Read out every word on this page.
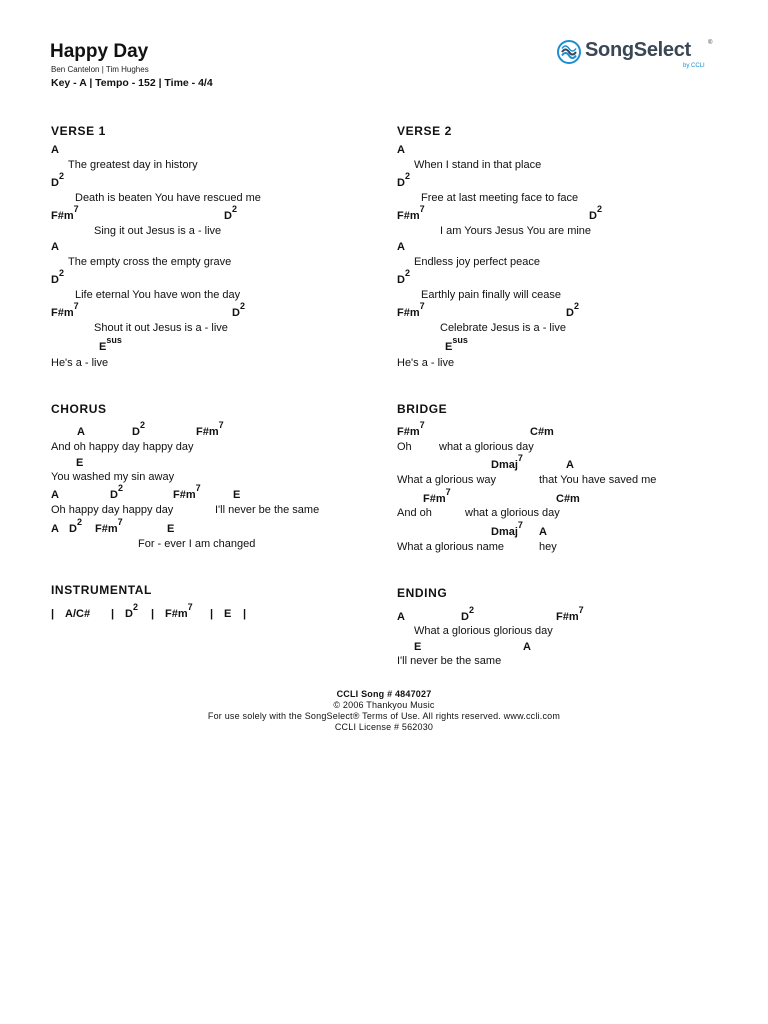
Happy Day
Ben Cantelon | Tim Hughes
Key - A | Tempo - 152 | Time - 4/4
SongSelect	®
by CCLI
VERSE 1
A
The greatest day in history
$D^2$
Death is beaten You have rescued me
$F\#m^7$
$D^2$
Sing it out Jesus is a - live
A
The empty cross the empty grave
$D^2$
Life eternal You have won the day
$F\#m^7$
$D^2$
Shout it out Jesus is a - live
$E^{sus}$
He's a - live
VERSE 2
A
When I stand in that place
$D^2$
Free at last meeting face to face
$F\#m^7$
$D^2$
I am Yours Jesus You are mine
A
Endless joy perfect peace
$D^2$
Earthly pain finally will cease
$F\#m^7$
$D^2$
Celebrate Jesus is a - live
$E^{sus}$
He's a - live
CHORUS
A	$D^2$
$F\#m^7$
And oh happy day happy day
E
You washed my sin away
A	$D^2$
$F\#m^7$
E
Oh happy day happy day	I'll never be the same
A $D^2$
$F\#m^7$
E
For - ever I am changed
BRIDGE
$F\#m^7$
C#m
Oh what a glorious day
Dmaj$^7$
A
What a glorious way	that You have saved me
$F\#m^7$
C#m
And oh	what a glorious day
Dmaj$^7$
A
What a glorious name	hey
INSTRUMENTAL
| A/C# | $D^2$
| $F\#m^7$
| E |
ENDING
A	$D^2$
$F\#m^7$
What a glorious glorious day
E	A
I'll never be the same
CCLI Song # 4847027
© 2006 Thankyou Music
For use solely with the SongSelect® Terms of Use. All rights reserved. www.ccli.com
CCLI License # 562030
